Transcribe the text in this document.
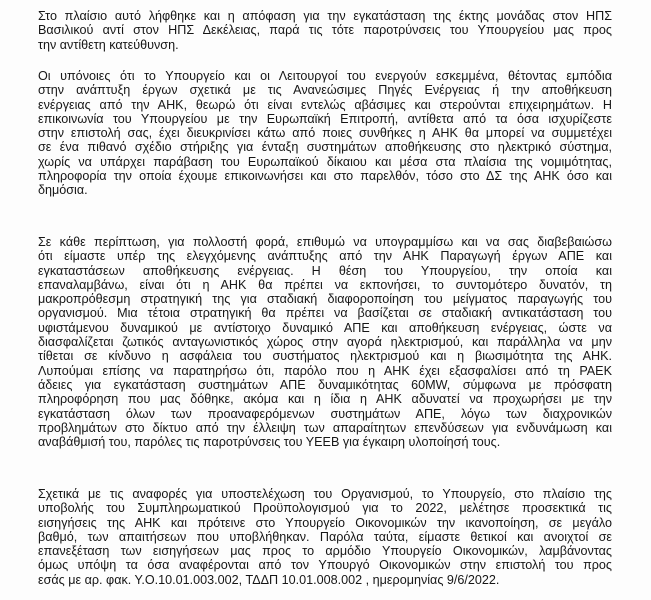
Στο πλαίσιο αυτό λήφθηκε και η απόφαση για την εγκατάσταση της έκτης μονάδας στον ΗΠΣ
Βασιλικού αντί στον ΗΠΣ Δεκέλειας, παρά τις τότε παροτρύνσεις του Υπουργείου μας προς
την αντίθετη κατεύθυνση.
Οι υπόνοιες ότι το Υπουργείο και οι Λειτουργοί του ενεργούν εσκεμμένα, θέτοντας εμπόδια
στην ανάπτυξη έργων σχετικά με τις Ανανεώσιμες Πηγές Ενέργειας ή την αποθήκευση
ενέργειας από την ΑΗΚ, θεωρώ ότι είναι εντελώς αβάσιμες και στερούνται επιχειρημάτων. Η
επικοινωνία του Υπουργείου με την Ευρωπαϊκή Επιτροπή, αντίθετα από τα όσα ισχυρίζεστε
στην επιστολή σας, έχει διευκρινίσει κάτω από ποιες συνθήκες η ΑΗΚ θα μπορεί να συμμετέχει
σε ένα πιθανό σχέδιο στήριξης για ένταξη συστημάτων αποθήκευσης στο ηλεκτρικό σύστημα,
χωρίς να υπάρχει παράβαση του Ευρωπαϊκού δίκαιου και μέσα στα πλαίσια της νομιμότητας,
πληροφορία την οποία έχουμε επικοινωνήσει και στο παρελθόν, τόσο στο ΔΣ της ΑΗΚ όσο και
δημόσια.
Σε κάθε περίπτωση, για πολλοστή φορά, επιθυμώ να υπογραμμίσω και να σας διαβεβαιώσω
ότι είμαστε υπέρ της ελεγχόμενης ανάπτυξης από την ΑΗΚ Παραγωγή έργων ΑΠΕ και
εγκαταστάσεων αποθήκευσης ενέργειας. Η θέση του Υπουργείου, την οποία και
επαναλαμβάνω, είναι ότι η ΑΗΚ θα πρέπει να εκπονήσει, το συντομότερο δυνατόν, τη
μακροπρόθεσμη στρατηγική της για σταδιακή διαφοροποίηση του μείγματος παραγωγής του
οργανισμού. Μια τέτοια στρατηγική θα πρέπει να βασίζεται σε σταδιακή αντικατάσταση του
υφιστάμενου δυναμικού με αντίστοιχο δυναμικό ΑΠΕ και αποθήκευση ενέργειας, ώστε να
διασφαλίζεται ζωτικός ανταγωνιστικός χώρος στην αγορά ηλεκτρισμού, και παράλληλα να μην
τίθεται σε κίνδυνο η ασφάλεια του συστήματος ηλεκτρισμού και η βιωσιμότητα της ΑΗΚ.
Λυπούμαι επίσης να παρατηρήσω ότι, παρόλο που η ΑΗΚ έχει εξασφαλίσει από τη ΡΑΕΚ
άδειες για εγκατάσταση συστημάτων ΑΠΕ δυναμικότητας 60MW, σύμφωνα με πρόσφατη
πληροφόρηση που μας δόθηκε, ακόμα και η ίδια η ΑΗΚ αδυνατεί να προχωρήσει με την
εγκατάσταση όλων των προαναφερόμενων συστημάτων ΑΠΕ, λόγω των διαχρονικών
προβλημάτων στο δίκτυο από την έλλειψη των απαραίτητων επενδύσεων για ενδυνάμωση και
αναβάθμισή του, παρόλες τις παροτρύνσεις του ΥΕΕΒ για έγκαιρη υλοποίησή τους.
Σχετικά με τις αναφορές για υποστελέχωση του Οργανισμού, το Υπουργείο, στο πλαίσιο της
υποβολής του Συμπληρωματικού Προϋπολογισμού για το 2022, μελέτησε προσεκτικά τις
εισηγήσεις της ΑΗΚ και πρότεινε στο Υπουργείο Οικονομικών την ικανοποίηση, σε μεγάλο
βαθμό, των απαιτήσεων που υποβλήθηκαν. Παρόλα ταύτα, είμαστε θετικοί και ανοιχτοί σε
επανεξέταση των εισηγήσεων μας προς το αρμόδιο Υπουργείο Οικονομικών, λαμβάνοντας
όμως υπόψη τα όσα αναφέρονται από τον Υπουργό Οικονομικών στην επιστολή του προς
εσάς με αρ. φακ. Υ.Ο.10.01.003.002, ΤΔΔΠ 10.01.008.002 , ημερομηνίας 9/6/2022.
